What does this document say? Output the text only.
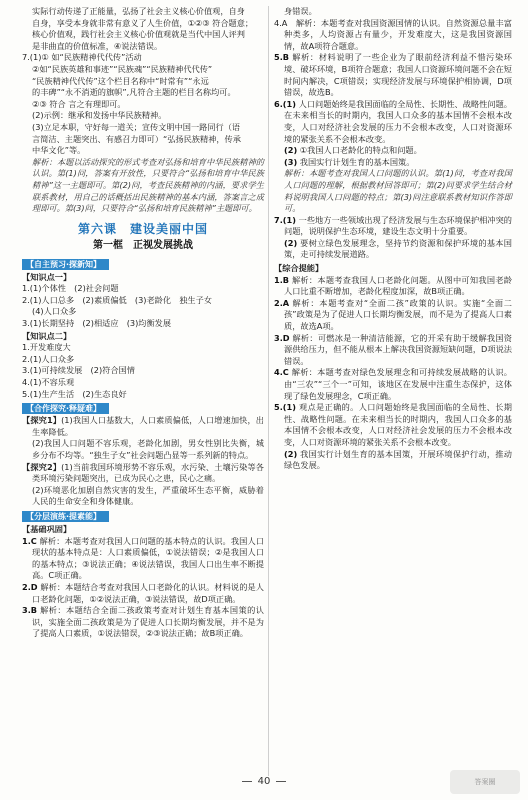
实际行动传递了正能量，弘扬了社会主义核心价值观，自身

自身，享受本身就非常有意义了人生价值，①②③ 符合题意；

核心价值观，践行社会主义核心价值观就是当代中国人评判

是非曲直的价值标准，④说法错误。

7.(1)① 如“民族精神代代传”活动

②如“民族英雄和事迹”“民族魂”“民族精神代代传”

“民族精神代代传”这个栏目名称中“时常有”“永远

的丰碑”“永不消逝的旗帜”,凡符合主题的栏目名称均可。

②③ 符合 言之有理即可。

(2)示例：继承和发扬中华民族精神。

(3)立足本职，守好每一道关；宣传文明中国一路同行（语

言简洁、主题突出、有感召力即可）“弘扬民族精神，传承

中华文化”等。

解析：本题以活动探究的形式考查对弘扬和培育中华民族精神的认识。第(1)问，答案有开放性，只要符合“弘扬和培育中华民族精神”这一主题即可。第(2)问，考查民族精神的内涵，要求学生联系教材，用自己的话概括出民族精神的基本内涵，答案言之成理即可。第(3)问，只要符合“弘扬和培育民族精神”主题即可。

第六课　建设美丽中国
第一框　正视发展挑战
【自主预习·探新知】
【知识点一】

1.(1)个体性　(2)社会问题

2.(1)人口总多　(2)素质偏低　(3)老龄化　独生子女

(4)人口众多

3.(1)长期坚持　(2)相适应　(3)均衡发展

【知识点二】

1.开发难度大

2.(1)人口众多

3.(1)可持续发展　(2)符合国情

4.(1)不容乐观

5.(1)生产生活　(2)生态良好

【合作探究·释疑难】

【探究1】(1)我国人口基数大，人口素质偏低，人口增速加快，出生率降低。

(2)我国人口问题不容乐观，老龄化加剧，男女性别比失衡，城乡分布不均等。“独生子女”社会问题凸显等一系列新的特点。

【探究2】(1)当前我国环境形势不容乐观，水污染、土壤污染等各类环境污染问题突出，已成为民心之患，民心之痛。

(2)环境恶化加剧自然灾害的发生，严重破坏生态平衡，威胁着人民的生命安全和身体健康。

【分层演练·提素能】
【基础巩固】

1.C 解析：本题考查对我国人口问题的基本特点的认识。我国人口现状的基本特点是：人口素质偏低，①说法错误；②是我国人口的基本特点；③说法正确；④说法错误，我国人口出生率不断提高。C项正确。

2.D 解析：本题结合考查对我国人口老龄化的认识。材料说的是人口老龄化问题，①②说法正确，③说法错误，故D项正确。

3.B 解析：本题结合全面二孩政策考查对计划生育基本国策的认识，实施全面二孩政策是为了促进人口长期均衡发展，并不是为了提高人口素质，①说法错误，②③说法正确；故B项正确。

身错误。

4.A　解析：本题考查对我国资源国情的认识。自然资源总量丰富种类多，人均资源占有量少，开发难度大，这是我国资源国情，故A项符合题意。

5.B 解析：材料说明了一些企业为了眼前经济利益不惜污染环境、破坏环境，B项符合题意；我国人口资源环境问题不会在短时间内解决，C项错误；实现经济发展与环境保护相协调，D项错误，故选B。

6.(1) 人口问题始终是我国面临的全局性、长期性、战略性问题。在未来相当长的时期内，我国人口众多的基本国情不会根本改变，人口对经济社会发展的压力不会根本改变，人口对资源环境的紧张关系不会根本改变。

(2) ①我国人口老龄化的特点和问题。

(3) 我国实行计划生育的基本国策。

解析：本题考查对我国人口问题的认识。第(1)问，考查对我国人口问题的理解，根据教材回答即可；第(2)问要求学生结合材料说明我国人口问题的特点；第(3)问注意联系教材知识作答即可。

7.(1) 一些地方一些领域出现了经济发展与生态环境保护相冲突的问题，说明保护生态环境，建设生态文明十分重要。

(2) 要树立绿色发展理念，坚持节约资源和保护环境的基本国策，走可持续发展道路。

【综合提能】

1.B 解析：本题考查我国人口老龄化问题。从图中可知我国老龄人口比重不断增加，老龄化程度加深，故B项正确。

2.A 解析：本题考查对“全面二孩”政策的认识。实施“全面二孩”政策是为了促进人口长期均衡发展，而不是为了提高人口素质，故选A项。

3.D 解析：可燃冰是一种清洁能源，它的开采有助于缓解我国资源供给压力，但不能从根本上解决我国资源短缺问题，D项说法错误。

4.C 解析：本题考查对绿色发展理念和可持续发展战略的认识。由“三农”“三个一”可知，该地区在发展中注重生态保护，这体现了绿色发展理念，C项正确。

5.(1) 观点是正确的。人口问题始终是我国面临的全局性、长期性、战略性问题。在未来相当长的时期内，我国人口众多的基本国情不会根本改变，人口对经济社会发展的压力不会根本改变，人口对资源环境的紧张关系不会根本改变。

(2) 我国实行计划生育的基本国策，开展环境保护行动，推动绿色发展。

40	答案圈
